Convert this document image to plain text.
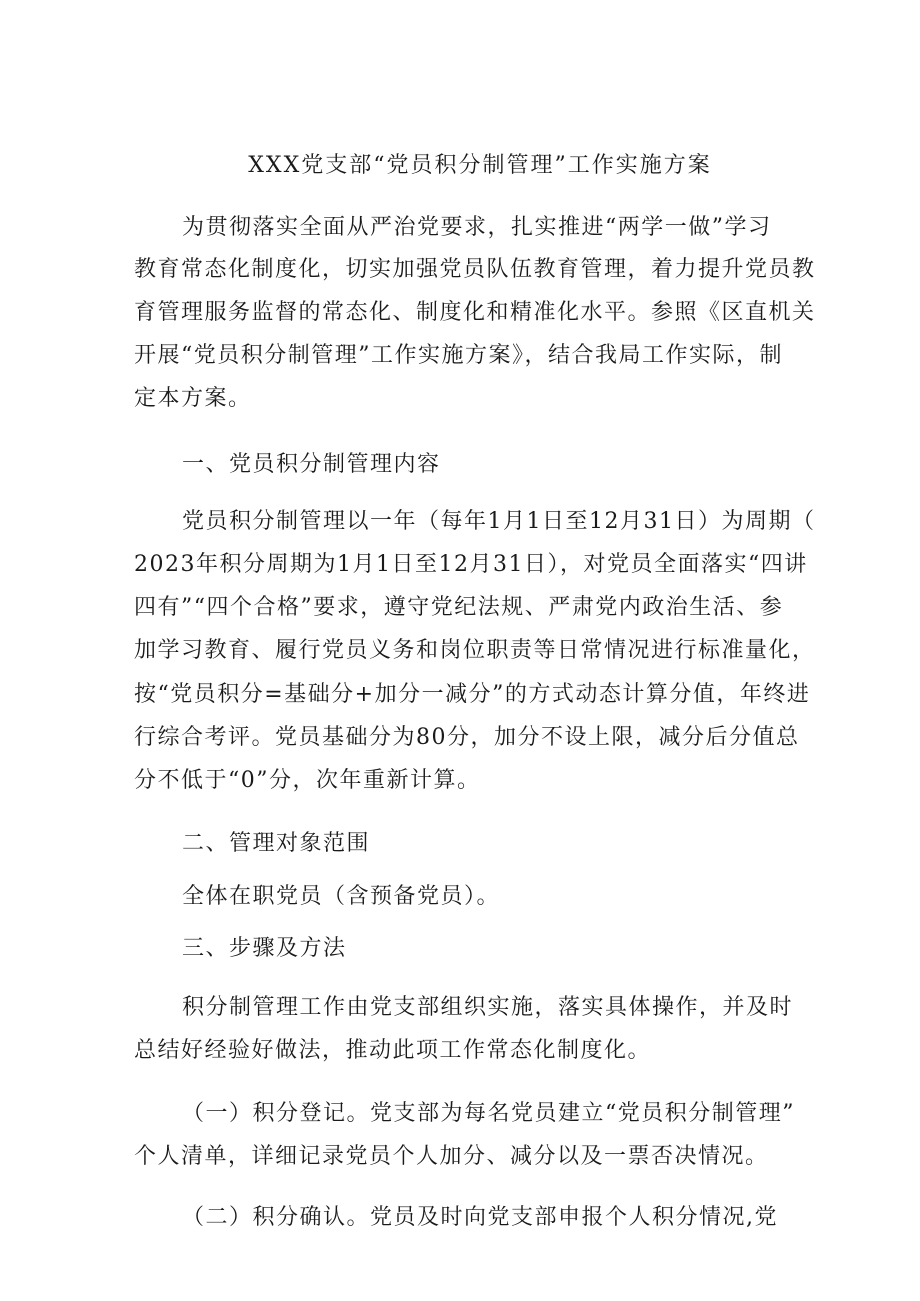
XXX党支部“党员积分制管理”工作实施方案
为贯彻落实全面从严治党要求，扎实推进“两学一做”学习
教育常态化制度化，切实加强党员队伍教育管理，着力提升党员教
育管理服务监督的常态化、制度化和精准化水平。参照《区直机关
开展“党员积分制管理”工作实施方案》，结合我局工作实际，制
定本方案。
一、党员积分制管理内容
党员积分制管理以一年（每年1月1日至12月31日）为周期（
2023年积分周期为1月1日至12月31日），对党员全面落实“四讲
四有”“四个合格”要求，遵守党纪法规、严肃党内政治生活、参
加学习教育、履行党员义务和岗位职责等日常情况进行标准量化，
按“党员积分=基础分+加分一减分”的方式动态计算分值，年终进
行综合考评。党员基础分为80分，加分不设上限，减分后分值总
分不低于“0”分，次年重新计算。
二、管理对象范围
全体在职党员（含预备党员）。
三、步骤及方法
积分制管理工作由党支部组织实施，落实具体操作，并及时
总结好经验好做法，推动此项工作常态化制度化。
（一）积分登记。党支部为每名党员建立“党员积分制管理”
个人清单，详细记录党员个人加分、减分以及一票否决情况。
（二）积分确认。党员及时向党支部申报个人积分情况,党
